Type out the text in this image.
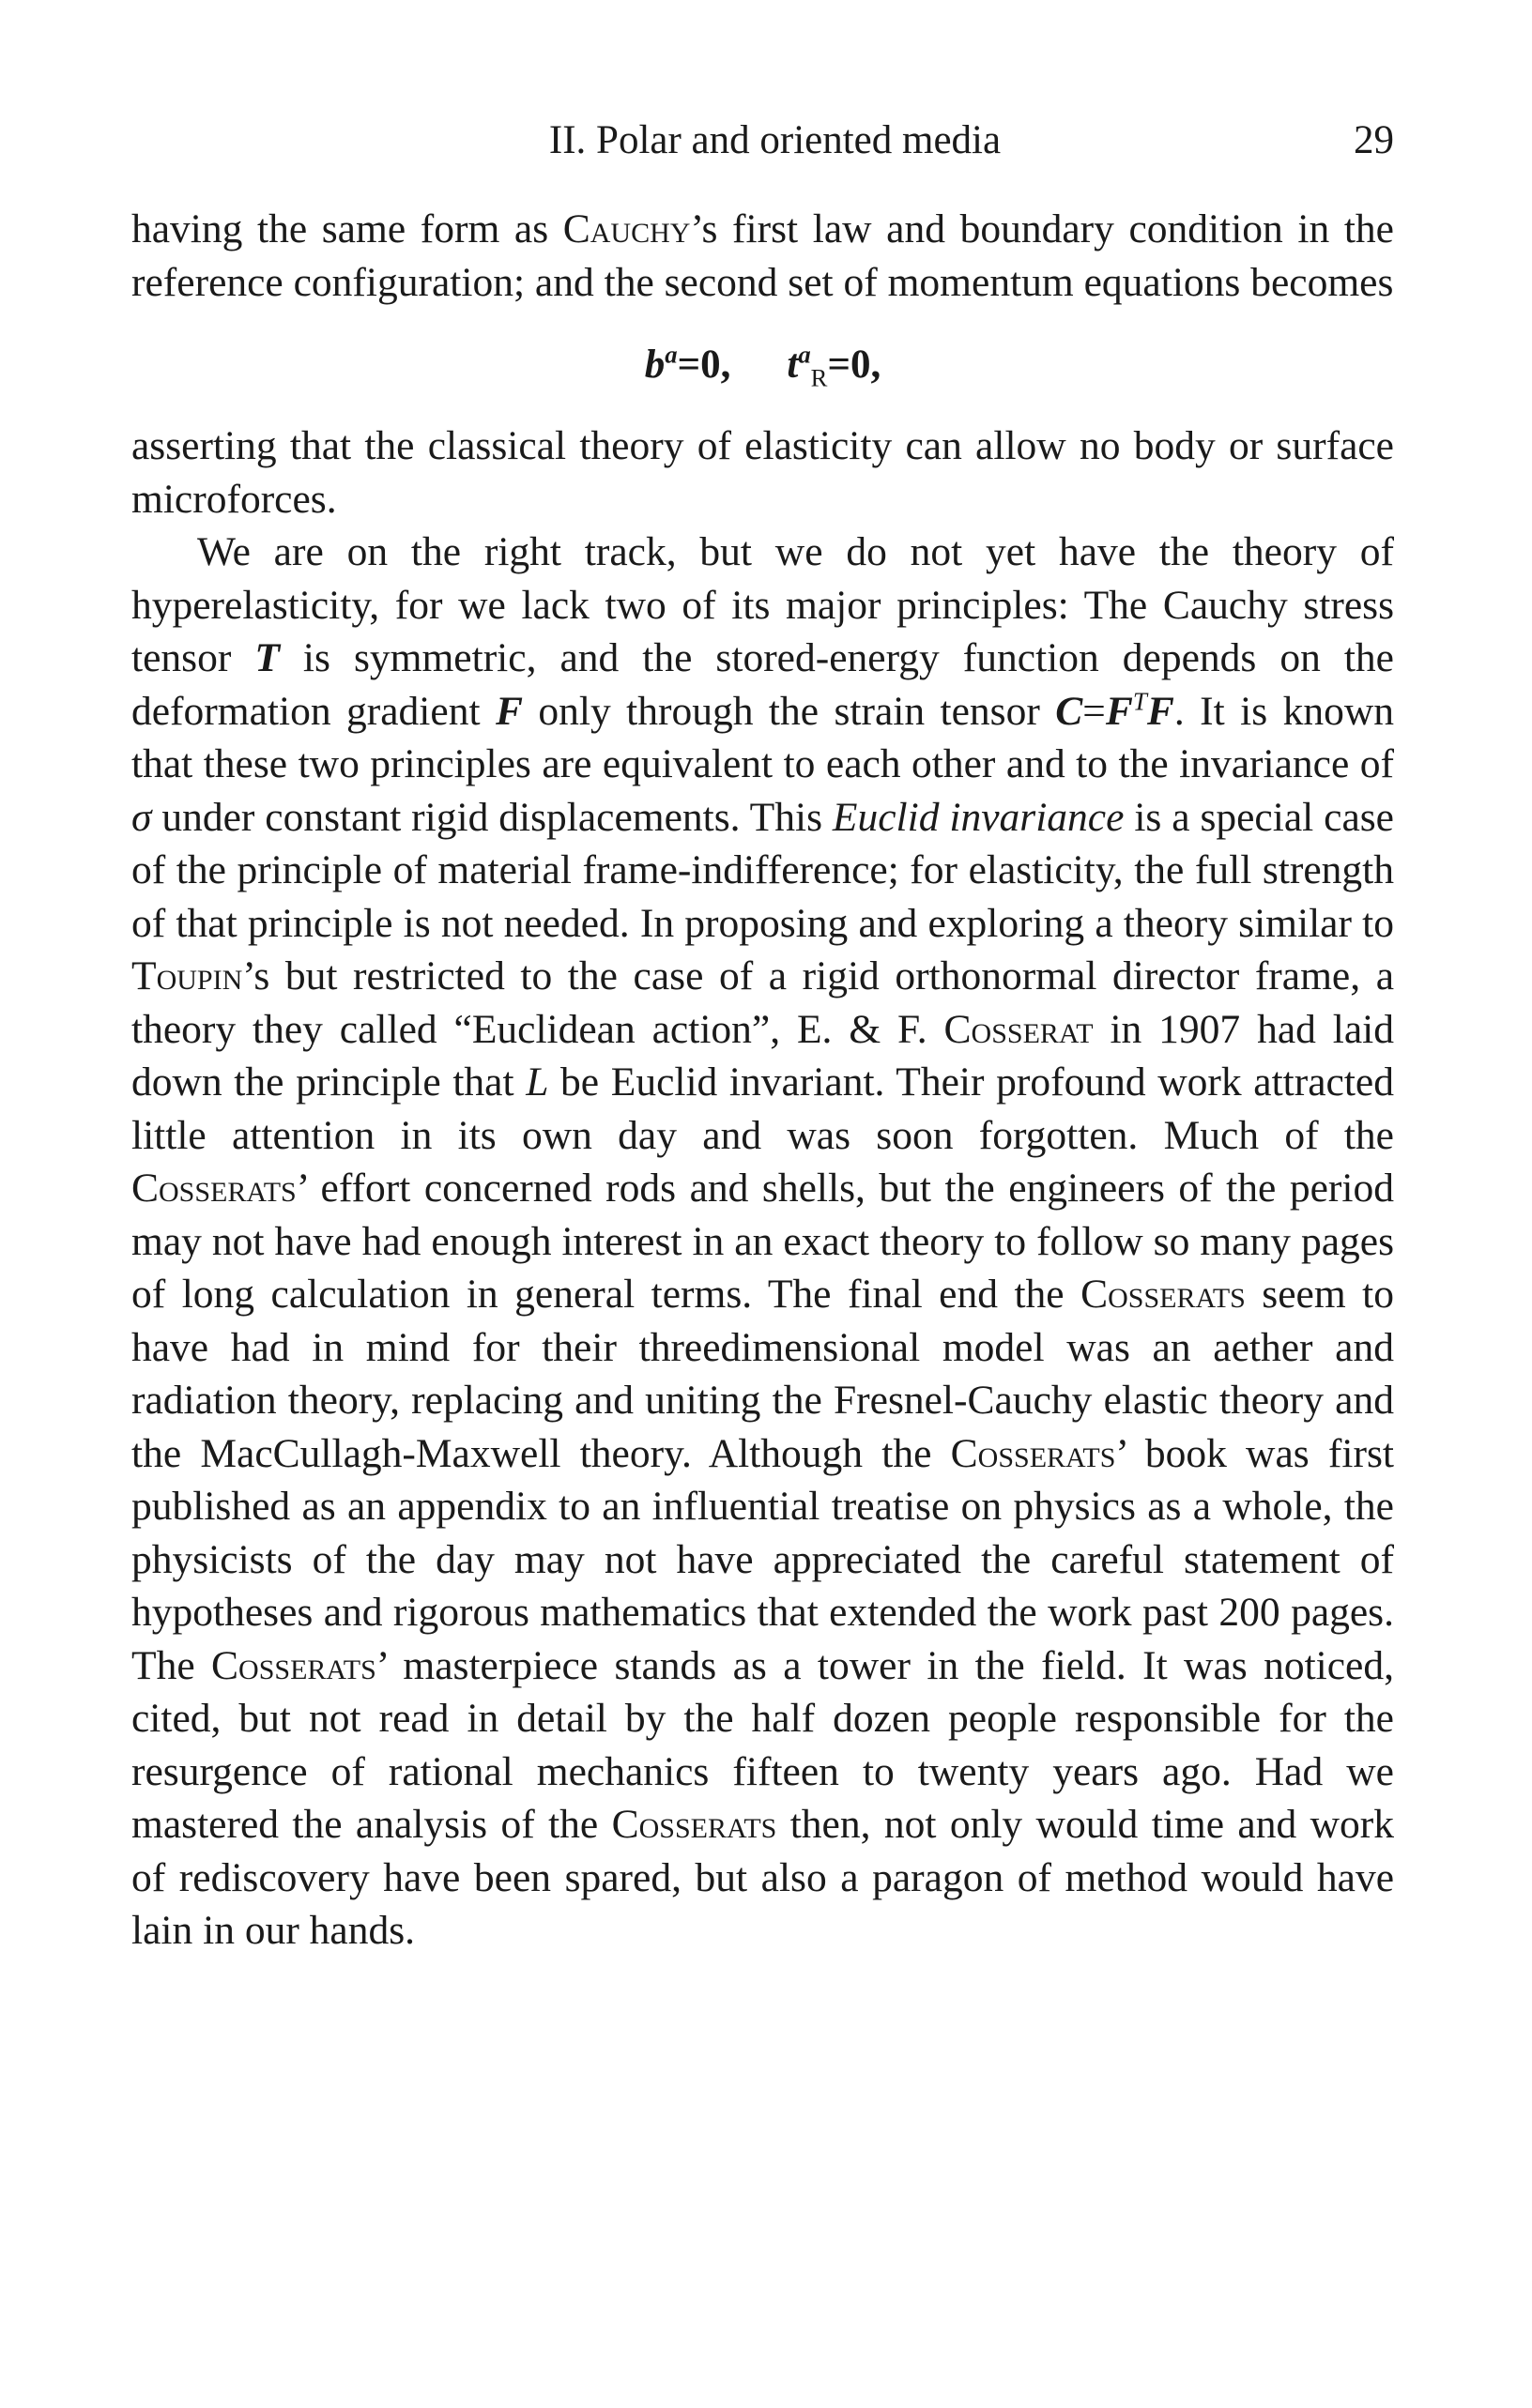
II. Polar and oriented media	29

having the same form as Cauchy’s first law and boundary condition in the reference configuration; and the second set of momentum equations becomes

$b^a=0$, $t^a_R=0$,

asserting that the classical theory of elasticity can allow no body or surface microforces.

We are on the right track, but we do not yet have the theory of hyperelasticity, for we lack two of its major principles: The Cauchy stress tensor T is symmetric, and the stored-energy function depends on the deformation gradient F only through the strain tensor $C=F^TF$. It is known that these two principles are equivalent to each other and to the invariance of σ under constant rigid displacements. This Euclid invariance is a special case of the principle of material frame-indifference; for elasticity, the full strength of that principle is not needed. In proposing and exploring a theory similar to Toupin’s but restricted to the case of a rigid orthonormal director frame, a theory they called “Euclidean action”, E. & F. Cosserat in 1907 had laid down the principle that L be Euclid invariant. Their profound work attracted little attention in its own day and was soon forgotten. Much of the Cosserats’ effort concerned rods and shells, but the engineers of the period may not have had enough interest in an exact theory to follow so many pages of long calculation in general terms. The final end the Cosserats seem to have had in mind for their threedimensional model was an aether and radiation theory, replacing and uniting the Fresnel-Cauchy elastic theory and the MacCullagh-Maxwell theory. Although the Cosserats’ book was first published as an appendix to an influential treatise on physics as a whole, the physicists of the day may not have appreciated the careful statement of hypotheses and rigorous mathematics that extended the work past 200 pages. The Cosserats’ masterpiece stands as a tower in the field. It was noticed, cited, but not read in detail by the half dozen people responsible for the resurgence of rational mechanics fifteen to twenty years ago. Had we mastered the analysis of the Cosserats then, not only would time and work of rediscovery have been spared, but also a paragon of method would have lain in our hands.
